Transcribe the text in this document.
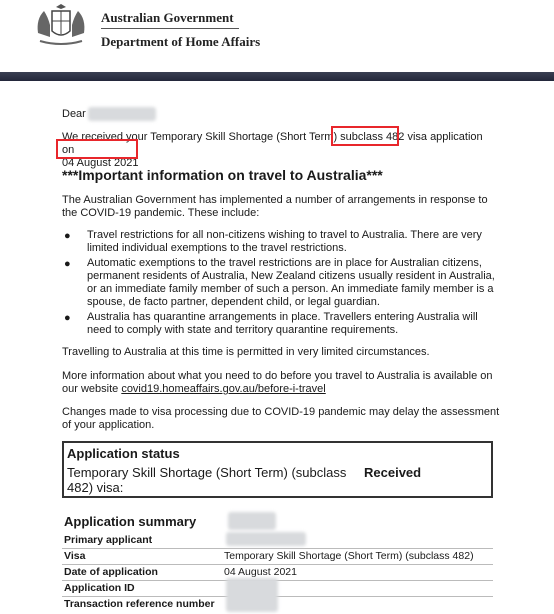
Australian Government
Department of Home Affairs
Dear
We received your Temporary Skill Shortage (Short Term) subclass 482 visa application on
04 August 2021
***Important information on travel to Australia***
The Australian Government has implemented a number of arrangements in response to the COVID-19 pandemic. These include:
● Travel restrictions for all non-citizens wishing to travel to Australia. There are very limited individual exemptions to the travel restrictions.
● Automatic exemptions to the travel restrictions are in place for Australian citizens, permanent residents of Australia, New Zealand citizens usually resident in Australia, or an immediate family member of such a person. An immediate family member is a spouse, de facto partner, dependent child, or legal guardian.
● Australia has quarantine arrangements in place. Travellers entering Australia will need to comply with state and territory quarantine requirements.
Travelling to Australia at this time is permitted in very limited circumstances.
More information about what you need to do before you travel to Australia is available on our website covid19.homeaffairs.gov.au/before-i-travel
Changes made to visa processing due to COVID-19 pandemic may delay the assessment of your application.
Application status
Temporary Skill Shortage (Short Term) (subclass 482) visa:
Received
Application summary
Primary applicant
Visa	Temporary Skill Shortage (Short Term) (subclass 482)
Date of application	04 August 2021
Application ID
Transaction reference number
